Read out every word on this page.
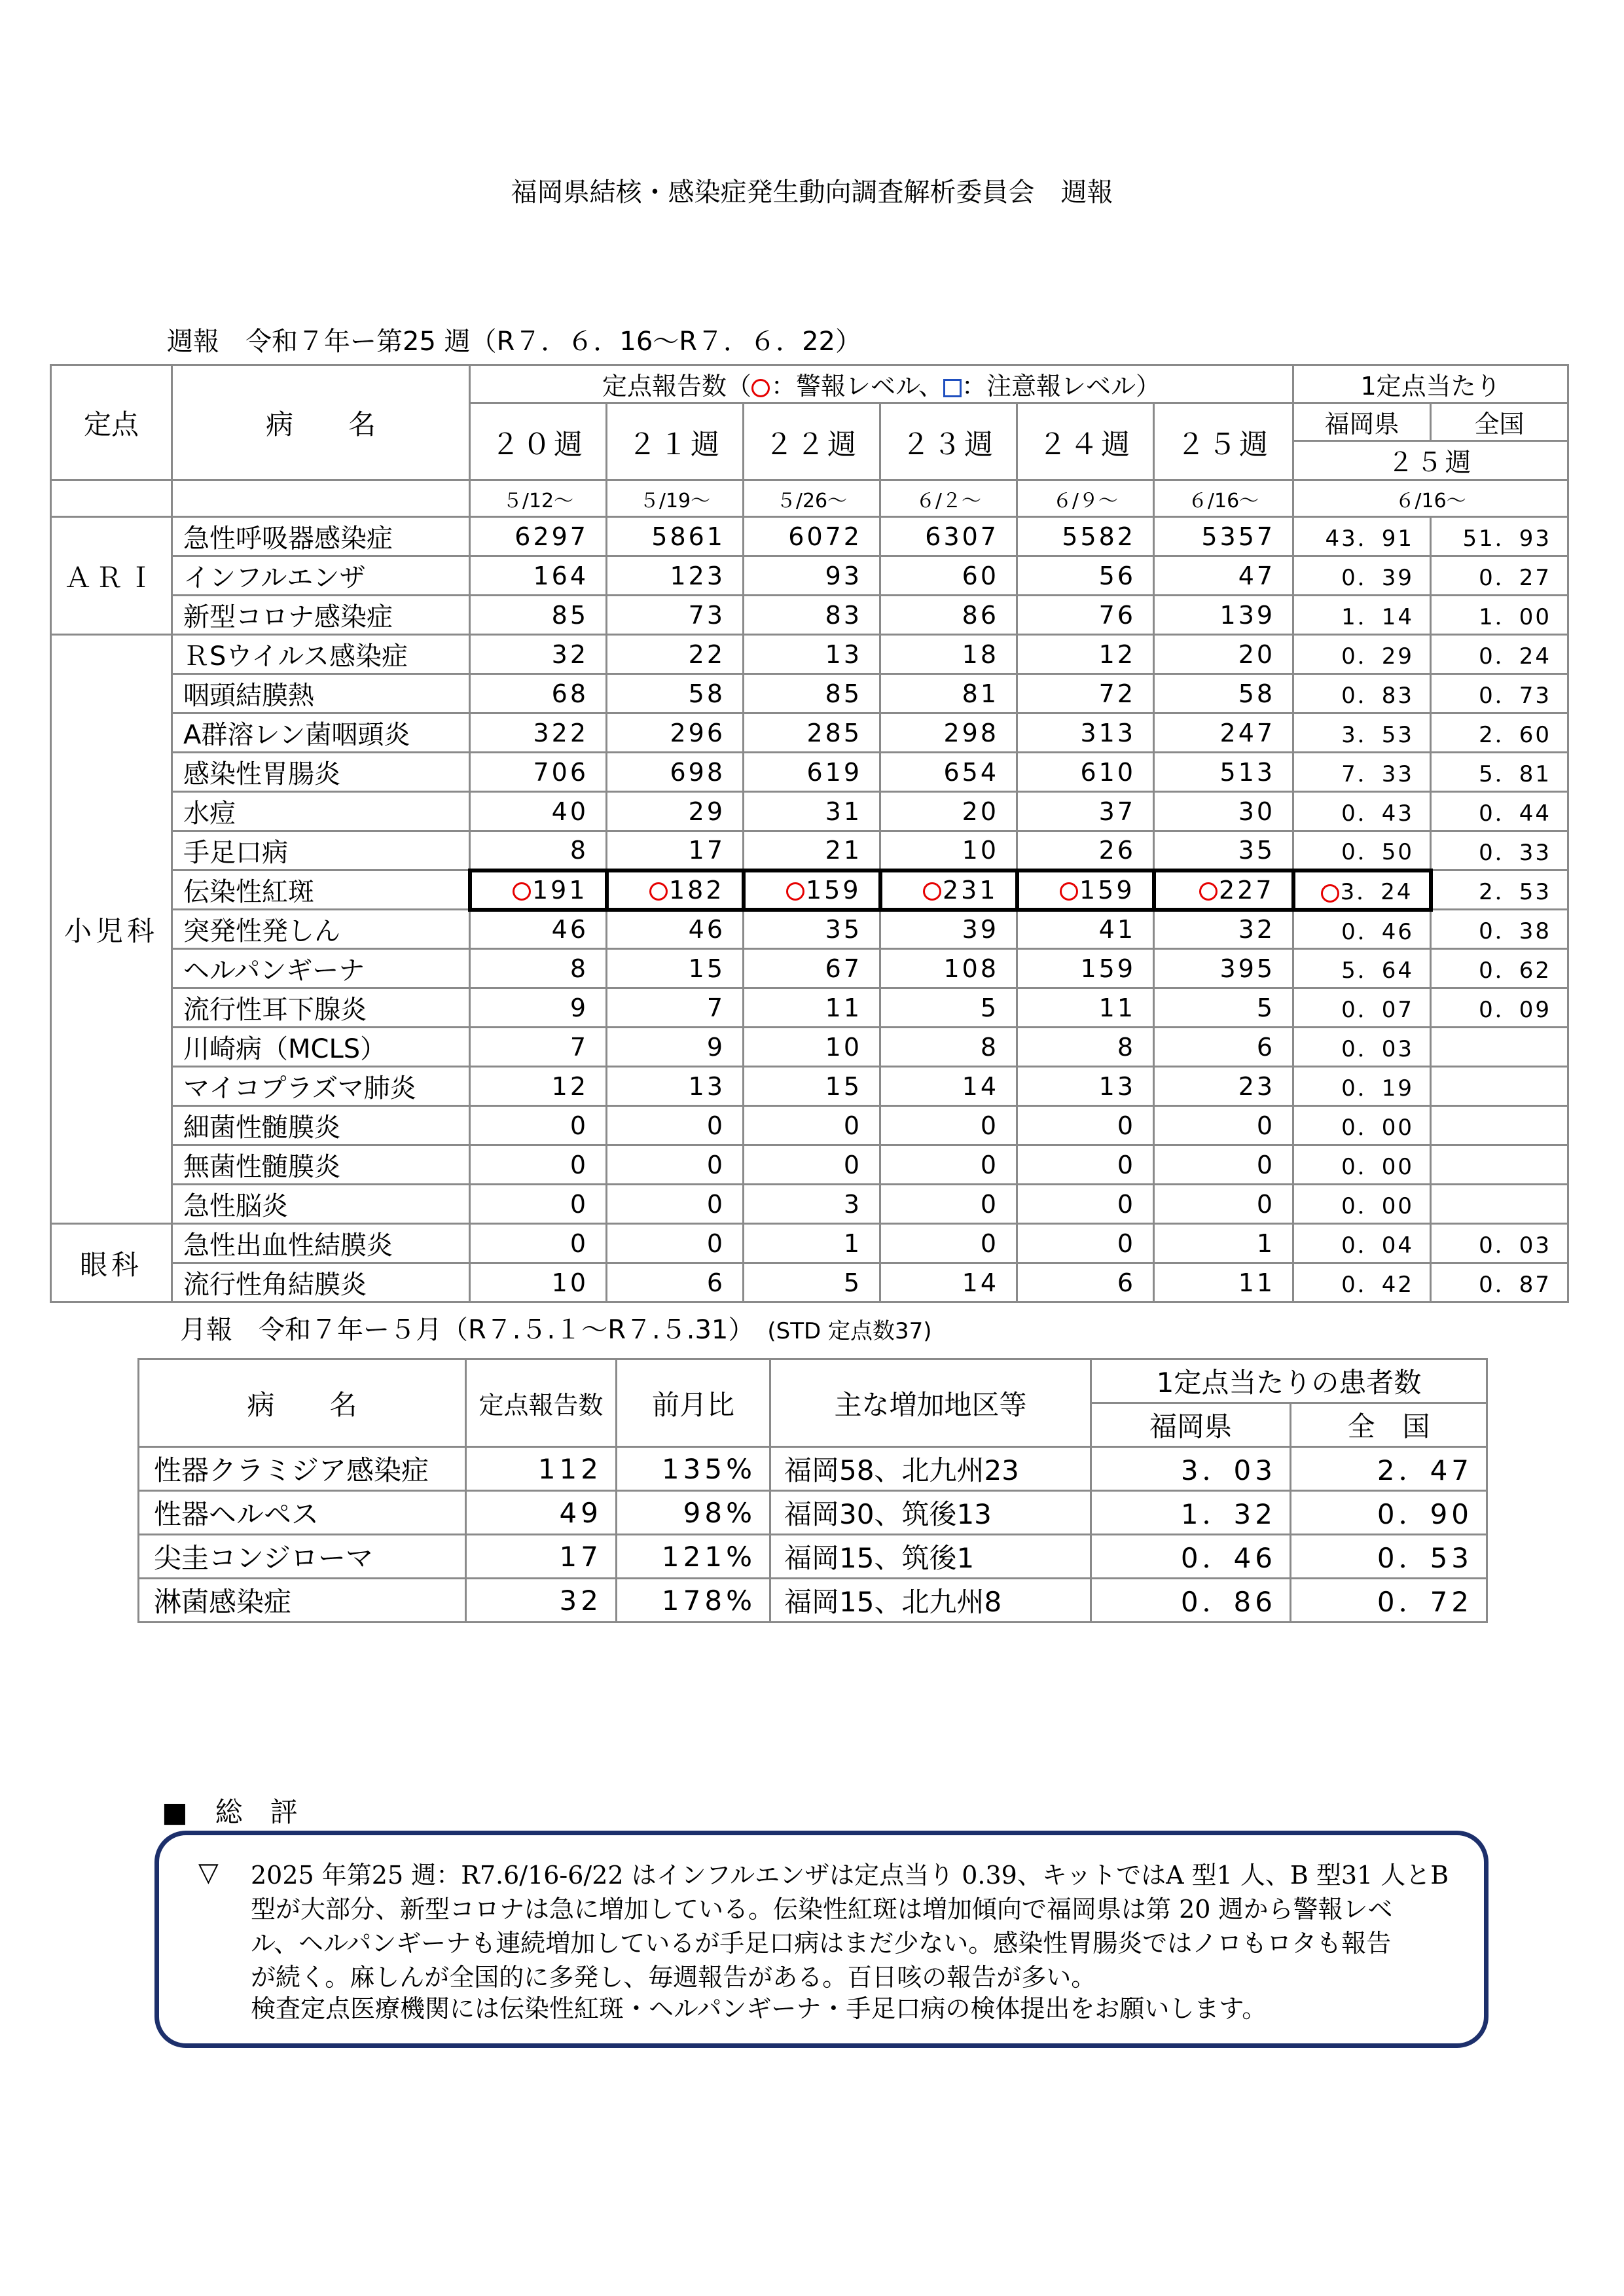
福岡県結核・感染症発生動向調査解析委員会　週報
週報　令和７年ー第25 週（R７．６．16〜R７．６．22）
定点	病　　名	定点報告数（ ：警報レベル、 ：注意報レベル）						1定点当たり	
		２０週	２１週	２２週	２３週	２４週	２５週	福岡県	全国
								２５週	
		５/12〜	５/19〜	５/26〜	６/２〜	６/９〜	６/16〜	６/16〜	
ＡＲＩ	急性呼吸器感染症	6297	5861	6072	6307	5582	5357	43．91	51．93
	インフルエンザ	164	123	93	60	56	47	0．39	0．27
	新型コロナ感染症	85	73	83	86	76	139	1．14	1．00
小児科	ＲSウイルス感染症	32	22	13	18	12	20	0．29	0．24
	咽頭結膜熱	68	58	85	81	72	58	0．83	0．73
	A群溶レン菌咽頭炎	322	296	285	298	313	247	3．53	2．60
	感染性胃腸炎	706	698	619	654	610	513	7．33	5．81
	水痘	40	29	31	20	37	30	0．43	0．44
	手足口病	8	17	21	10	26	35	0．50	0．33
	伝染性紅斑	191	182	159	231	159	227	3．24	2．53
	突発性発しん	46	46	35	39	41	32	0．46	0．38
	ヘルパンギーナ	8	15	67	108	159	395	5．64	0．62
	流行性耳下腺炎	9	7	11	5	11	5	0．07	0．09
	川崎病（MCLS）	7	9	10	8	8	6	0．03	
	マイコプラズマ肺炎	12	13	15	14	13	23	0．19	
	細菌性髄膜炎	0	0	0	0	0	0	0．00	
	無菌性髄膜炎	0	0	0	0	0	0	0．00	
	急性脳炎	0	0	3	0	0	0	0．00	
眼科	急性出血性結膜炎	0	0	1	0	0	1	0．04	0．03
	流行性角結膜炎	10	6	5	14	6	11	0．42	0．87
月報　令和７年ー５月（R７.５.１〜R７.５.31）　 (STD 定点数37)
病　　名	定点報告数	前月比	主な増加地区等	1定点当たりの患者数	
				福岡県	全　国
性器クラミジア感染症	112	135%	福岡58、北九州23	3．03	2．47
性器ヘルペス	49	98%	福岡30、筑後13	1．32	0．90
尖圭コンジローマ	17	121%	福岡15、筑後1	0．46	0．53
淋菌感染症	32	178%	福岡15、北九州8	0．86	0．72
■　総　評
▽ 2025 年第25 週：R7.6/16-6/22 はインフルエンザは定点当り 0.39、キットではA 型1 人、B 型31 人とB
型が大部分、新型コロナは急に増加している。伝染性紅斑は増加傾向で福岡県は第 20 週から警報レベ
ル、ヘルパンギーナも連続増加しているが手足口病はまだ少ない。感染性胃腸炎ではノロもロタも報告
が続く。麻しんが全国的に多発し、毎週報告がある。百日咳の報告が多い。
検査定点医療機関には伝染性紅斑・ヘルパンギーナ・手足口病の検体提出をお願いします。
